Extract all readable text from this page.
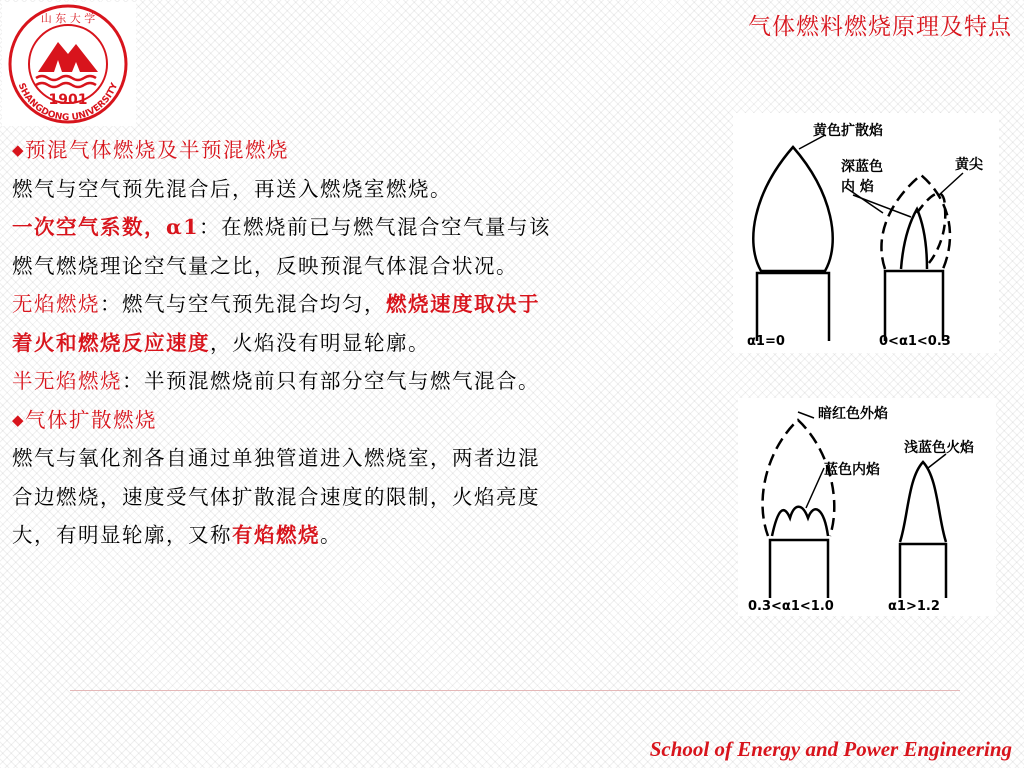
SHANGDONG UNIVERSITY
山 东 大 学
1901
气体燃料燃烧原理及特点
◆预混气体燃烧及半预混燃烧
燃气与空气预先混合后，再送入燃烧室燃烧。
一次空气系数，α1：在燃烧前已与燃气混合空气量与该
燃气燃烧理论空气量之比，反映预混气体混合状况。
无焰燃烧：燃气与空气预先混合均匀，燃烧速度取决于
着火和燃烧反应速度，火焰没有明显轮廓。
半无焰燃烧：半预混燃烧前只有部分空气与燃气混合。
◆气体扩散燃烧
燃气与氧化剂各自通过单独管道进入燃烧室，两者边混
合边燃烧，速度受气体扩散混合速度的限制，火焰亮度
大，有明显轮廓，又称有焰燃烧。
黄色扩散焰
深蓝色
内 焰
黄尖
α1=0	0<α1<0.3
暗红色外焰
浅蓝色火焰
蓝色内焰
0.3<α1<1.0	α1>1.2
School of Energy and Power Engineering
